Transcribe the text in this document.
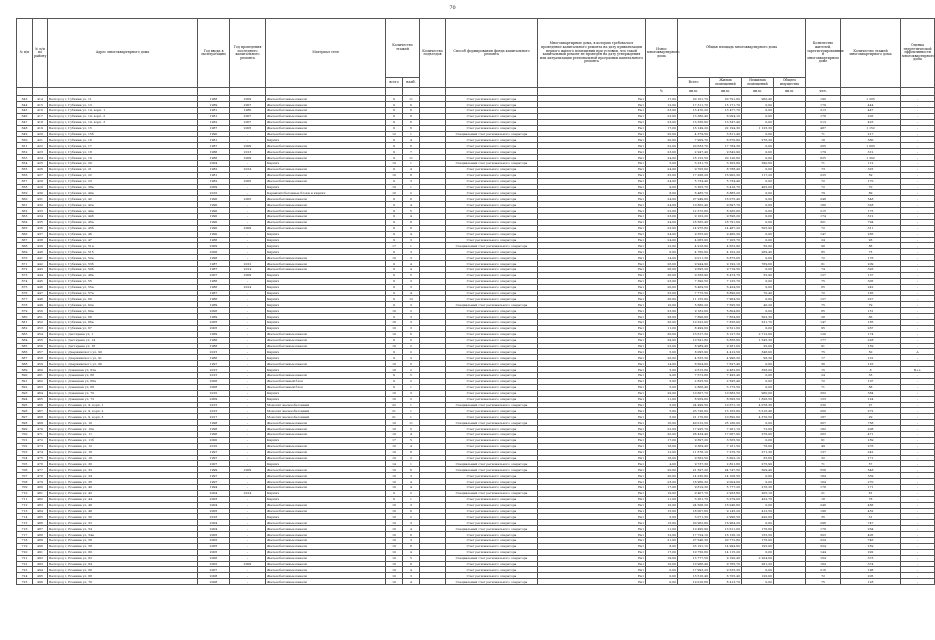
70
№ п/п	№ п/п по району	Адрес многоквартирного дома	Год ввода в эксплуатацию	Год проведения последнего капитального ремонта	Материал стен	Количество этажей		Количество подъездов	Способ формирования фонда капитального ремонта	Многоквартирные дома, в которых требовалось проведение капитального ремонта на дату приватизации первого жилого помещения при условии, что такой капитальный ремонт не проведен на дату утверждения или актуализации региональной программы капитального ремонта	Износ многоквартирного дома	Общая площадь многоквартирного дома				Количество жителей, зарегистрированных в многоквартирном доме	Количество этажей многоквартирного дома	Оценка энергетической эффективности многоквартирного дома
						всего	наиб.					Всего	Жилых помещений	Нежилых помещений	Общего имущества			
											%	кв.м.	кв.м.	кв.м.	кв.м.	чел.		
643	414	Белгород г, Губкина ул, 11	1988	2009	Железобетонные панели	9	11		Счет регионального оператора	Нет	17,00	20 101,70	20 791,60	960,40		190	1 205	-
644	415	Белгород г, Губкина ул, 13	1989	2007	Железобетонные панели	9	6		Счет регионального оператора	Нет	12,00	17 311,70	15 171,70	0,00		179	444	-
645	416	Белгород г, Губкина ул, 14, корп. 1	1981	1980	Железобетонные панели	9	6		Счет регионального оператора	Нет	23,00	13 470,20	13 477,70	0,00		213	447	-
646	417	Белгород г, Губкина ул, 14, корп. 2	1981	2007	Железобетонные панели	9	6		Счет регионального оператора	Нет	23,00	13 380,40	8 094,10	0,00		178	205	-
647	418	Белгород г, Губкина ул, 14, корп. 3	1982	2007	Железобетонные панели	9	6		Счет регионального оператора	Нет	23,00	13 356,80	13 347,40	0,00		213	425	-
648	419	Белгород г, Губкина ул, 15	1987	2005	Железобетонные панели	9	6		Счет регионального оператора	Нет	17,00	16 149,20	22 194,30	1 125,30		487	1 152	-
649	420	Белгород г, Губкина ул, 15б	1990	-	Железобетонные панели	12	1		Специальный счет регионального оператора	Нет	20,00	4 379,50	3 811,40	0,00		71	217	-
650	421	Белгород г, Губкина ул, 16	1981	-	Кирпич	9	4		Счет регионального оператора	Нет	20,00	7 909,70	8 670,80	276,30		18	360	-
651	422	Белгород г, Губкина ул, 17	1987	2009	Железобетонные панели	9	6		Счет регионального оператора	Нет	22,00	20 633,70	17 784,30	0,00		205	1 093	-
652	423	Белгород г, Губкина ул, 18	1986	2013	Железобетонные панели	9	7		Счет регионального оператора	Нет	23,00	2 947,40	9 642,90	0,00		179	312	-
653	424	Белгород г, Губкина ул, 19	1986	2009	Железобетонные панели	9	11		Счет регионального оператора	Нет	24,00	18 152,50	20 120,60	0,00		625	1 302	-
654	425	Белгород г, Губкина ул, 20	2004	-	Кирпич	10	1		Специальный счет регионального оператора	Нет	5,00	3 231,70	3 205,80	390,60		71	112	-
655	426	Белгород г, Губкина ул, 21	1982	2014	Железобетонные панели	9	4		Счет регионального оператора	Нет	24,00	9 705,00	8 788,40	0,00		73	325	-
656	427	Белгород г, Губкина ул, 22	1981	-	Железобетонные панели	10	8		Счет регионального оператора	Нет	25,00	17 208,20	16 902,30	117,20		225	59	-
657	428	Белгород г, Губкина ул, 23	1982	2005	Железобетонные панели	9	3		Счет регионального оператора	Нет	24,00	5 734,40	5 734,40	0,00		72	170	-
658	429	Белгород г, Губкина ул, 38а	2009	-	Кирпич	10	1		Счет регионального оператора	Нет	9,00	3 205,70	3 416,70	405,00		72	70	-
659	430	Белгород г, Губкина ул, 40а	2010	-	Керамзитобетонные блоки и кирпич	10	2		Счет регионального оператора	Нет	8,00	6 485,70	6 885,20	0,00		79	89	-
660	431	Белгород г, Губкина ул, 42	1990	2005	Железобетонные панели	9	8		Счет регионального оператора	Нет	24,00	27 949,00	18 075,40	0,00		248	548	-
661	432	Белгород г, Губкина ул, 42а	1990	-	Железобетонные панели	9	4		Счет регионального оператора	Нет	24,00	10 802,40	9 697,70	0,00		180	328	-
662	433	Белгород г, Губкина ул, 44а	1990	-	Железобетонные панели	9	5		Счет регионального оператора	Нет	22,00	12 372,80	8 265,00	0,00		215	175	-
663	434	Белгород г, Губкина ул, 44б	1990	-	Железобетонные панели	9	4		Счет регионального оператора	Нет	23,00	9 102,20	9 596,20	0,00		174	312	-
664	435	Белгород г, Губкина ул, 45а	1990	-	Железобетонные панели	9	8		Счет регионального оператора	Нет	24,00	18 565,40	18 791,60	0,00		301	794	-
665	436	Белгород г, Губкина ул, 45б	1990	2009	Железобетонные панели	9	6		Счет регионального оператора	Нет	23,00	14 975,80	14 487,20	505,90		72	311	-
666	437	Белгород г, Губкина ул, 46	1990	-	Кирпич	9	4		Счет регионального оператора	Нет	24,00	9 355,00	9 460,30	0,00		147	285	-
667	438	Белгород г, Губкина ул, 47	1986	-	Кирпич	9	3		Счет регионального оператора	Нет	24,00	4 065,00	7 205,70	0,00		24	93	-
668	439	Белгород г, Губкина ул, 51а	2009	-	Кирпич	17	1		Специальный счет регионального оператора	Нет	12,00	4 916,90	4 652,90	50,00		90	88	-
669	440	Белгород г, Губкина ул, 51б	2006	-	Кирпич	9	3		Счет регионального оператора	Нет	6,00	4 760,60	4 102,20	269,40		85	75	-
670	441	Белгород г, Губкина ул, 52а	1998	-	Железобетонные панели	10	3		Счет регионального оператора	Нет	14,00	9 011,30	6 875,00	0,00		72	176	-
671	442	Белгород г, Губкина ул, 53б	1987	2012	Железобетонные панели	9	4		Счет регионального оператора	Нет	26,00	9 944,90	9 192,10	769,60		61	209	-
672	443	Белгород г, Губкина ул, 54б	1987	2014	Железобетонные панели	9	4		Счет регионального оператора	Нет	26,00	9 695,20	9 719,50	0,00		74	326	-
673	444	Белгород г, Губкина ул, 46в	2007	2009	Кирпич	9	5		Счет регионального оператора	Нет	26,00	9 356,90	8 473,70	55,90		127	137	-
674	445	Белгород г, Губкина ул, 55	1986	-	Кирпич	9	3		Счет регионального оператора	Нет	23,00	7 390,50	7 125,70	0,00		75	305	-
675	446	Белгород г, Губкина ул, 55а	1986	2014	Кирпич	9	3		Счет регионального оператора	Нет	20,00	6 409,50	6 424,50	0,00		65	242	-
676	447	Белгород г, Губкина ул, 57а	1987	-	Кирпич	9	4		Счет регионального оператора	Нет	25,00	7 775,50	8 890,00	70,40		72	165	-
677	448	Белгород г, Губкина ул, 60	1986	-	Кирпич	9	12		Счет регионального оператора	Нет	26,00	11 155,00	7 964,50	0,00		127	227	-
678	449	Белгород г, Губкина ул, 62а	1989	-	Кирпич	9	3		Специальный счет регионального оператора	Нет	10,00	5 680,20	7 595,50	40,20		75	79	-
679	450	Белгород г, Губкина ул, 64а	2006	-	Кирпич	10	2		Счет регионального оператора	Нет	23,00	9 182,60	5 804,80	0,00		85	151	-
680	451	Белгород г, Губкина ул, 66	1989	-	Кирпич	9	3		Счет регионального оператора	Нет	28,00	7 890,60	7 854,60	502,30		28	66	-
681	452	Белгород г, Губкина ул, 66а	2005	-	Кирпич	16	3		Счет регионального оператора	Нет	26,00	10 222,00	7 826,00	231,70		147	185	-
682	453	Белгород г, Губкина ул, 67	2005	-	Кирпич	10	3		Счет регионального оператора	Нет	11,00	8 499,60	9 521,60	0,00		95	267	-
683	454	Белгород г, Дегтярева ул, 1	1969	-	Железобетонные панели	10	6		Счет регионального оператора	Нет	30,00	13 617,30	6 127,30	2 712,00		120	174	-
684	455	Белгород г, Дегтярева ул, 14	1986	-	Железобетонные панели	9	5		Счет регионального оператора	Нет	29,00	10 591,80	6 858,60	1 345,30		177	228	-
685	456	Белгород г, Дегтярева ул, 16	1988	-	Железобетонные панели	10	2		Счет регионального оператора	Нет	22,00	8 989,40	9 281,00	20,00		91	159	-
686	457	Белгород г, Дзержинского ул, 90	2015	-	Кирпич	9	2		Счет регионального оператора	Нет	5,00	8 095,90	4 412,50	348,00		75	50	А
687	458	Белгород г, Дзержинского ул, 91	1986	-	Кирпич	9	3		Счет регионального оператора	Нет	20,00	4 555,30	4 996,30	98,30		17	101	-
688	459	Белгород г, Дзержинского ул, 96	1997	-	Железобетонные панели	10	5		Счет регионального оператора	Нет	14,00	8 604,00	7 627,40	0,00		36	125	-
689	460	Белгород г, Донецкая ул, 62а	2015	-	Кирпич	18	2		Счет регионального оператора	Нет	5,00	9 815,80	9 482,60	358,00		15	8	В++
690	461	Белгород г, Донецкая ул, 66	2015	-	Железобетонные панели	9	5		Счет регионального оператора	Нет	9,00	7 572,80	7 495,40	0,00		24	33	-
691	462	Белгород г, Донецкая ул, 66а	2006	-	Железобетонный блок	9	2		Счет регионального оператора	Нет	5,00	2 825,50	2 595,40	0,00		72	107	-
692	463	Белгород г, Донецкая ул, 68	2008	-	Железобетонный блок	9	1		Счет регионального оператора	Нет	5,00	2 806,40	3 175,50	0,00		71	68	-
693	464	Белгород г, Донецкая ул, 70	2010	-	Кирпич	10	3		Счет регионального оператора	Нет	29,00	10 607,70	10 683,50	960,00		262	384	-
694	465	Белгород г, Донецкая ул, 72	2009	-	Кирпич	10	2		Счет регионального оператора	Нет	11,00	8 959,80	8 695,50	1 826,50		153	124	-
695	466	Белгород г, Есенина ул, 9, корп. 1	2015	-	Монолит железобетонный	22	1		Специальный счет регионального оператора	Нет	5,00	24 499,50	10 671,10	4 078,30		230	27	-
696	467	Белгород г, Есенина ул, 9, корп. 2	2015	-	Монолит железобетонный	21	1		Счет регионального оператора	Нет	5,00	23 726,60	13 163,80	3 216,40		260	272	-
697	468	Белгород г, Есенина ул, 9, корп. 3	2017	-	Монолит железобетонный	21	1		Счет регионального оператора	Нет	5,00	21 170,80	10 892,60	4 370,50		187	29	-
698	469	Белгород г, Есенина ул, 10	1998	-	Железобетонные панели	10	11		Специальный счет регионального оператора	Нет	16,00	40 012,50	25 160,00	0,00		307	758	-
699	470	Белгород г, Есенина ул, 10а	1998	-	Железобетонные панели	10	5		Счет регионального оператора	Нет	22,00	17 925,70	7 261,10	72,00		182	208	-
700	471	Белгород г, Есенина ул, 11	1996	-	Железобетонные панели	10	4		Счет регионального оператора	Нет	20,00	28 434,40	17 067,90	276,00		283	471	-
701	472	Белгород г, Есенина ул, 11б	2000	-	Кирпич	17	5		Счет регионального оператора	Нет	17,00	9 697,20	3 565,50	0,00		61	169	-
702	473	Белгород г, Есенина ул, 12	2010	-	Железобетонные панели	10	4		Счет регионального оператора	Нет	18,00	9 369,40	7 161,50	76,60		49	276	-
703	474	Белгород г, Есенина ул, 16	1997	-	Железобетонные панели	10	6		Счет регионального оператора	Нет	12,00	11 578,10	7 270,70	271,30		137	242	-
704	475	Белгород г, Есенина ул, 18	1997	-	Железобетонные панели	10	2		Счет регионального оператора	Нет	16,00	9 562,50	5 602,10	35,60		32	171	-
705	476	Белгород г, Есенина ул, 30	2007	-	Кирпич	14	1		Специальный счет регионального оператора	Нет	4,00	9 737,30	2 821,80	275,90		71	57	-
706	477	Белгород г, Есенина ул, 32	1999	2009	Железобетонные панели	10	6		Специальный счет регионального оператора	Нет	20,00	21 597,20	24 747,50	509,40		558	548	-
707	478	Белгород г, Есенина ул, 34	1997	-	Железобетонные панели	10	3		Счет регионального оператора	Нет	26,00	14 230,80	14 108,50	0,00		184	339	-
708	479	Белгород г, Есенина ул, 36	1997	-	Железобетонные панели	10	4		Счет регионального оператора	Нет	23,00	18 960,30	9 004,00	0,00		164	270	-
709	480	Белгород г, Есенина ул, 40	1994	-	Железобетонные панели	10	4		Счет регионального оператора	Нет	17,00	9 819,30	5 777,20	276,30		178	171	-
710	481	Белгород г, Есенина ул, 42	2004	2014	Кирпич	9	2		Специальный счет регионального оператора	Нет	19,00	9 407,70	2 933,80	205,10		21	81	-
711	482	Белгород г, Есенина ул, 44	2003	-	Кирпич	9	1		Счет регионального оператора	Нет	11,00	3 261,70	3 279,00	422,70		18	78	-
712	483	Белгород г, Есенина ул, 46	2004	-	Железобетонные панели	10	3		Счет регионального оператора	Нет	10,00	24 508,20	16 946,80	0,00		246	466	-
713	484	Белгород г, Есенина ул, 48	2005	-	Железобетонные панели	10	6		Счет регионального оператора	Нет	15,00	18 007,80	9 145,20	412,50		198	452	-
714	485	Белгород г, Есенина ул, 50	2018	-	Кирпич	10	2		Счет регионального оператора	Нет	5,00	3 071,30	2 996,50	420,00		35	31	-
715	486	Белгород г, Есенина ул, 52	2004	-	Железобетонные панели	10	3		Счет регионального оператора	Нет	15,00	20 962,80	16 964,20	0,00		296	747	-
716	487	Белгород г, Есенина ул, 54	2004	-	Железобетонные панели	10	4		Специальный счет регионального оператора	Нет	11,00	10 495,90	13 611,00	176,80		179	264	-
717	488	Белгород г, Есенина ул, 54а	2005	-	Железобетонные панели	10	6		Счет регионального оператора	Нет	12,00	17 724,10	16 126,10	155,50		303	405	-
718	489	Белгород г, Есенина ул, 56	2005	-	Железобетонные панели	10	3		Счет регионального оператора	Нет	21,00	27 646,30	20 772,80	176,00		224	746	-
719	490	Белгород г, Есенина ул, 58	2005	-	Железобетонные панели	10	8		Счет регионального оператора	Нет	8,00	23 191,10	14 994,60	195,00		324	259	-
720	491	Белгород г, Есенина ул, 60	2005	-	Железобетонные панели	10	4		Счет регионального оператора	Нет	17,00	10 750,80	14 115,20	0,00		144	292	-
721	492	Белгород г, Есенина ул, 62	2006	-	Железобетонные панели	10	5		Специальный счет регионального оператора	Нет	19,00	13 777,50	9 190,40	2 204,60		164	373	-
722	493	Белгород г, Есенина ул, 64	2005	2009	Железобетонные панели	10	6		Счет регионального оператора	Нет	10,00	10 966,40	9 785,70	261,20		184	374	-
723	494	Белгород г, Есенина ул, 66	2007	-	Железобетонные панели	10	4		Счет регионального оператора	Нет	0,00	17 993,20	9 535,30	0,00		216	198	-
724	495	Белгород г, Есенина ул, 68	2008	-	Железобетонные панели	10	3		Счет регионального оператора	Нет	0,00	13 516,40	6 705,40	120,00		72	205	-
725	496	Белгород г, Есенина ул, 70	2008	-	Железобетонные панели	10	4		Специальный счет регионального оператора	Нет	0,00	19 016,80	8 413,70	0,00		75	128	-
